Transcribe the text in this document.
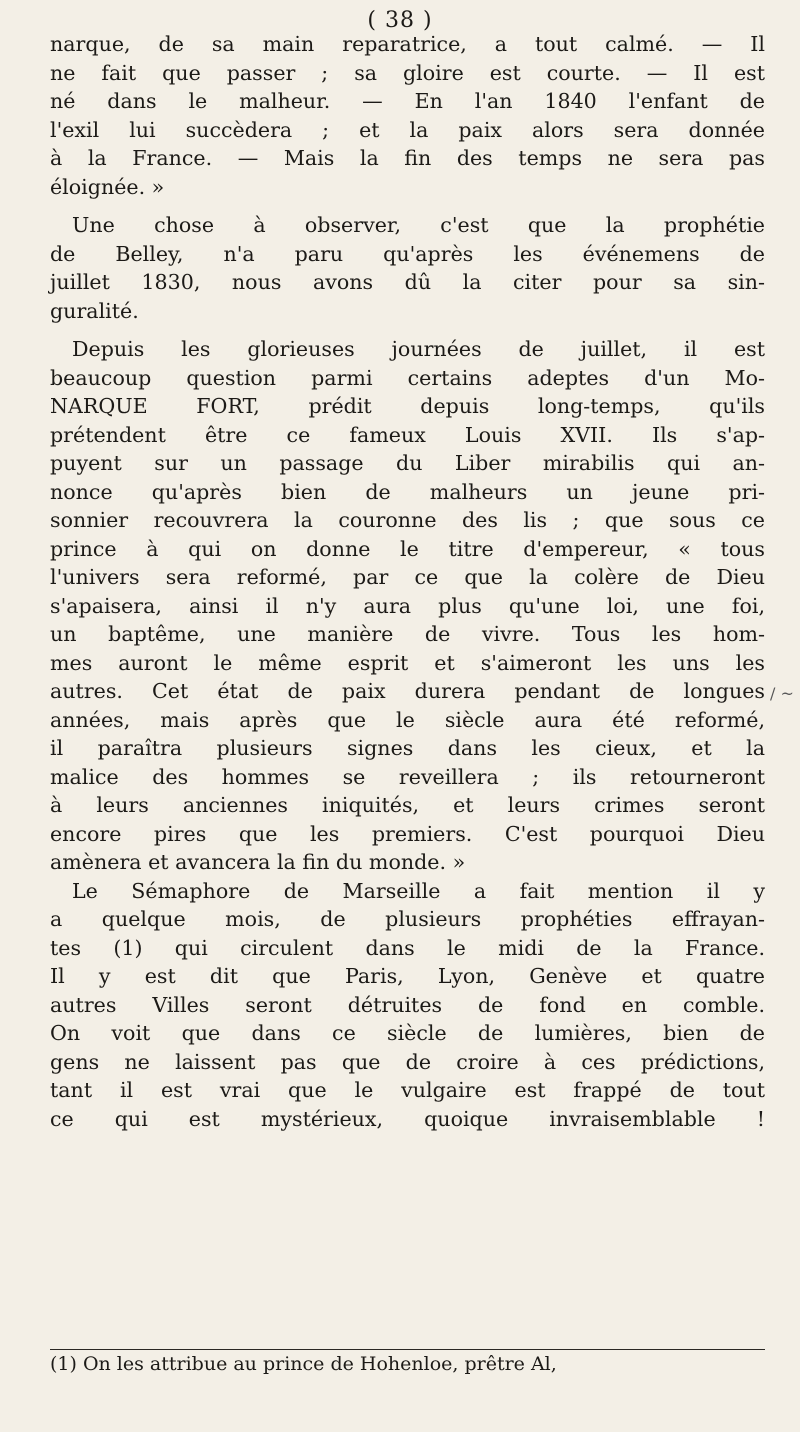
( 38 )
narque, de sa main reparatrice, a tout calmé. — Il
ne fait que passer ; sa gloire est courte. — Il est
né dans le malheur. — En l'an 1840 l'enfant de
l'exil lui succèdera ; et la paix alors sera donnée
à la France. — Mais la fin des temps ne sera pas
éloignée. »
Une chose à observer, c'est que la prophétie
de Belley, n'a paru qu'après les événemens de
juillet 1830, nous avons dû la citer pour sa sin-
guralité.
Depuis les glorieuses journées de juillet, il est
beaucoup question parmi certains adeptes d'un Mo-
NARQUE FORT, prédit depuis long-temps, qu'ils
prétendent être ce fameux Louis XVII. Ils s'ap-
puyent sur un passage du Liber mirabilis qui an-
nonce qu'après bien de malheurs un jeune pri-
sonnier recouvrera la couronne des lis ; que sous ce
prince à qui on donne le titre d'empereur, « tous
l'univers sera reformé, par ce que la colère de Dieu
s'apaisera, ainsi il n'y aura plus qu'une loi, une foi,
un baptême, une manière de vivre. Tous les hom-
mes auront le même esprit et s'aimeront les uns les
autres. Cet état de paix durera pendant de longues
années, mais après que le siècle aura été reformé,
il paraîtra plusieurs signes dans les cieux, et la
malice des hommes se reveillera ; ils retourneront
à leurs anciennes iniquités, et leurs crimes seront
encore pires que les premiers. C'est pourquoi Dieu
amènera et avancera la fin du monde. »
Le Sémaphore de Marseille a fait mention il y
a quelque mois, de plusieurs prophéties effrayan-
tes (1) qui circulent dans le midi de la France.
Il y est dit que Paris, Lyon, Genève et quatre
autres Villes seront détruites de fond en comble.
On voit que dans ce siècle de lumières, bien de
gens ne laissent pas que de croire à ces prédictions,
tant il est vrai que le vulgaire est frappé de tout
ce qui est mystérieux, quoique invraisemblable !
(1) On les attribue au prince de Hohenloe, prêtre Al,
/ ~
